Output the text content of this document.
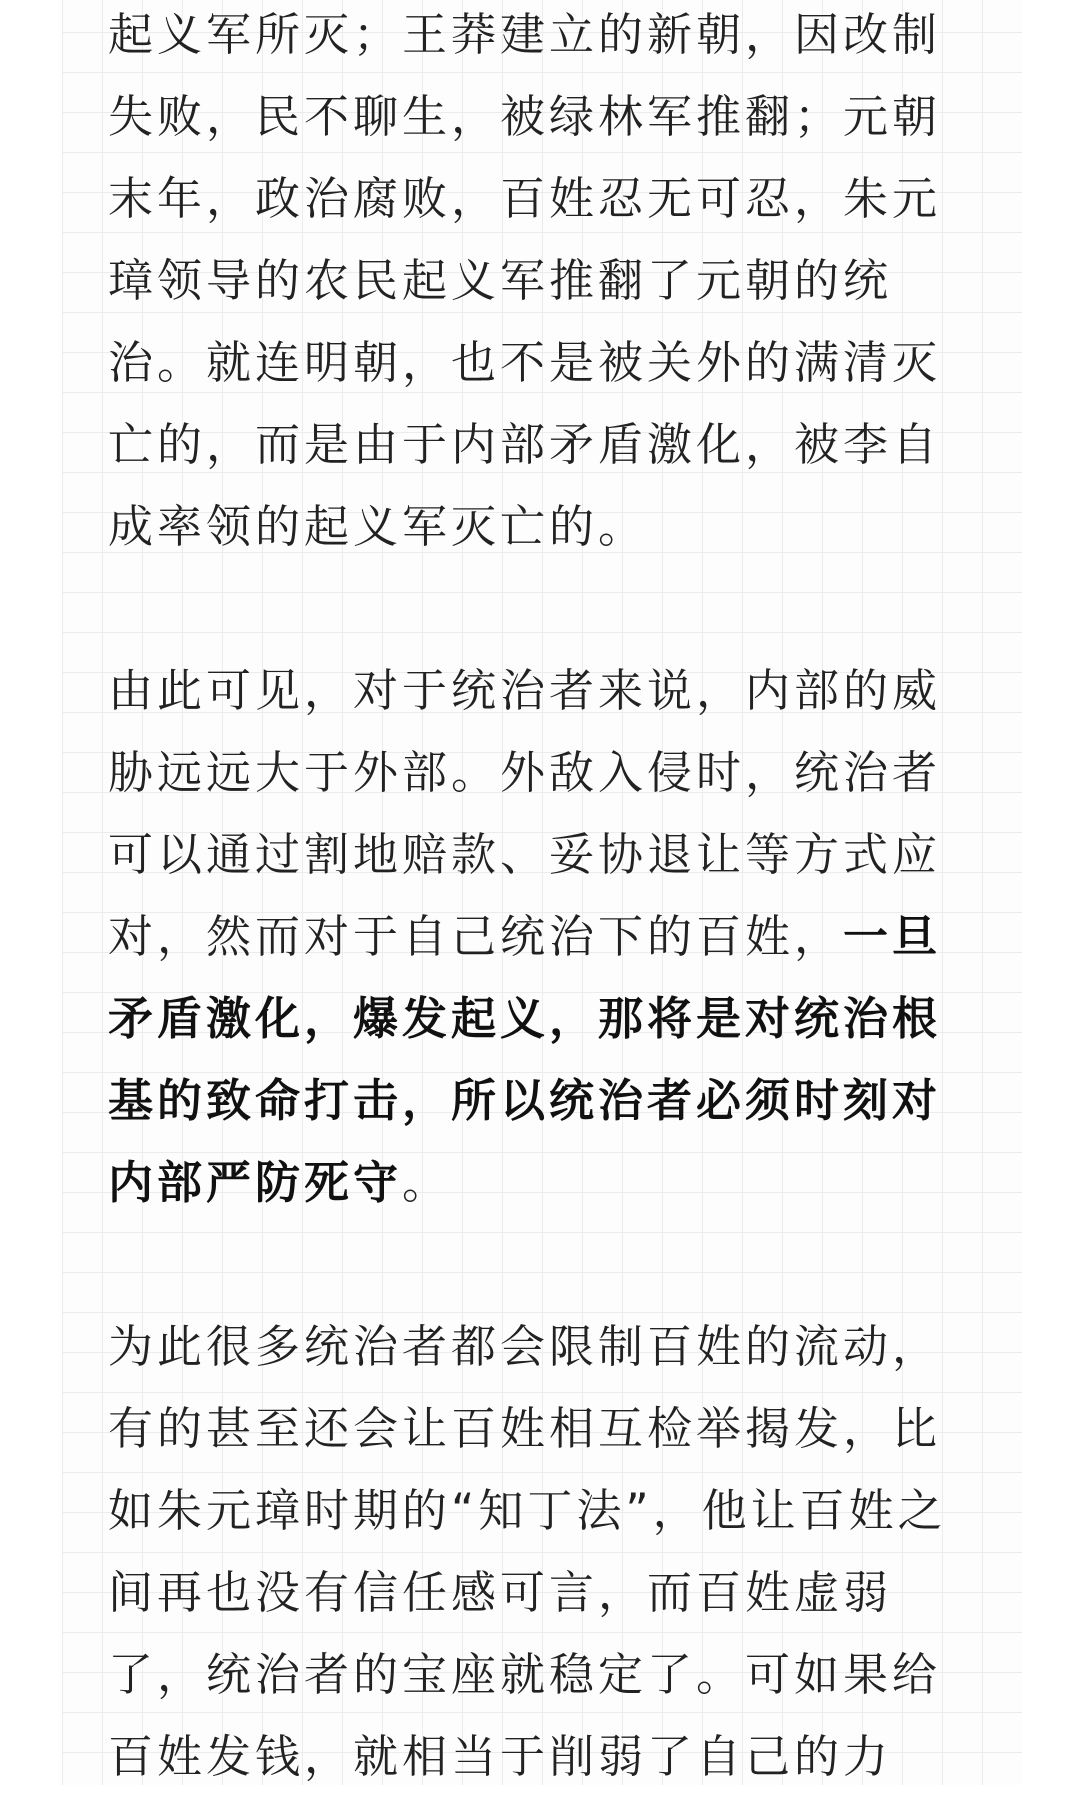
起义军所灭；王莽建立的新朝，因改制失败，民不聊生，被绿林军推翻；元朝末年，政治腐败，百姓忍无可忍，朱元璋领导的农民起义军推翻了元朝的统治。就连明朝，也不是被关外的满清灭亡的，而是由于内部矛盾激化，被李自成率领的起义军灭亡的。

由此可见，对于统治者来说，内部的威胁远远大于外部。外敌入侵时，统治者可以通过割地赔款、妥协退让等方式应对，然而对于自己统治下的百姓，一旦矛盾激化，爆发起义，那将是对统治根基的致命打击，所以统治者必须时刻对内部严防死守。

为此很多统治者都会限制百姓的流动，有的甚至还会让百姓相互检举揭发，比如朱元璋时期的“知丁法”，他让百姓之间再也没有信任感可言，而百姓虚弱了，统治者的宝座就稳定了。可如果给百姓发钱，就相当于削弱了自己的力
